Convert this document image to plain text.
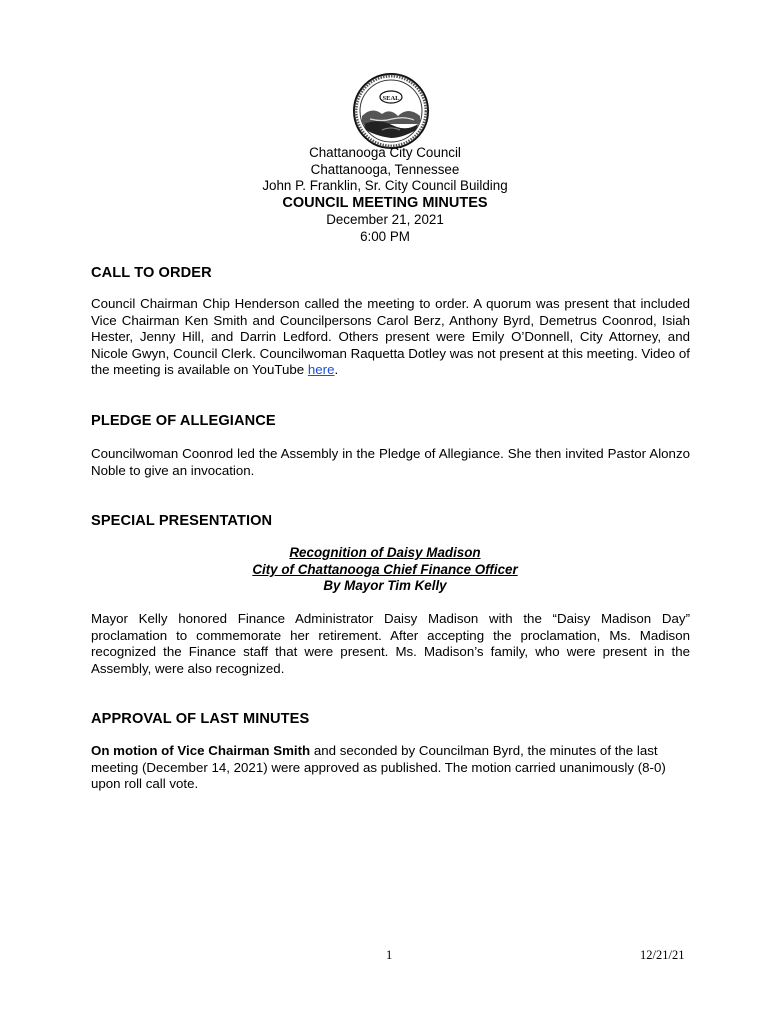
SEAL
Chattanooga City Council
Chattanooga, Tennessee
John P. Franklin, Sr. City Council Building
COUNCIL MEETING MINUTES
December 21, 2021
6:00 PM
CALL TO ORDER
Council Chairman Chip Henderson called the meeting to order. A quorum was present that included Vice Chairman Ken Smith and Councilpersons Carol Berz, Anthony Byrd, Demetrus Coonrod, Isiah Hester, Jenny Hill, and Darrin Ledford. Others present were Emily O’Donnell, City Attorney, and Nicole Gwyn, Council Clerk. Councilwoman Raquetta Dotley was not present at this meeting. Video of the meeting is available on YouTube here.
PLEDGE OF ALLEGIANCE
Councilwoman Coonrod led the Assembly in the Pledge of Allegiance. She then invited Pastor Alonzo Noble to give an invocation.
SPECIAL PRESENTATION
Recognition of Daisy Madison
City of Chattanooga Chief Finance Officer
By Mayor Tim Kelly
Mayor Kelly honored Finance Administrator Daisy Madison with the “Daisy Madison Day” proclamation to commemorate her retirement. After accepting the proclamation, Ms. Madison recognized the Finance staff that were present. Ms. Madison’s family, who were present in the Assembly, were also recognized.
APPROVAL OF LAST MINUTES
On motion of Vice Chairman Smith and seconded by Councilman Byrd, the minutes of the last meeting (December 14, 2021) were approved as published. The motion carried unanimously (8-0) upon roll call vote.
1	12/21/21
